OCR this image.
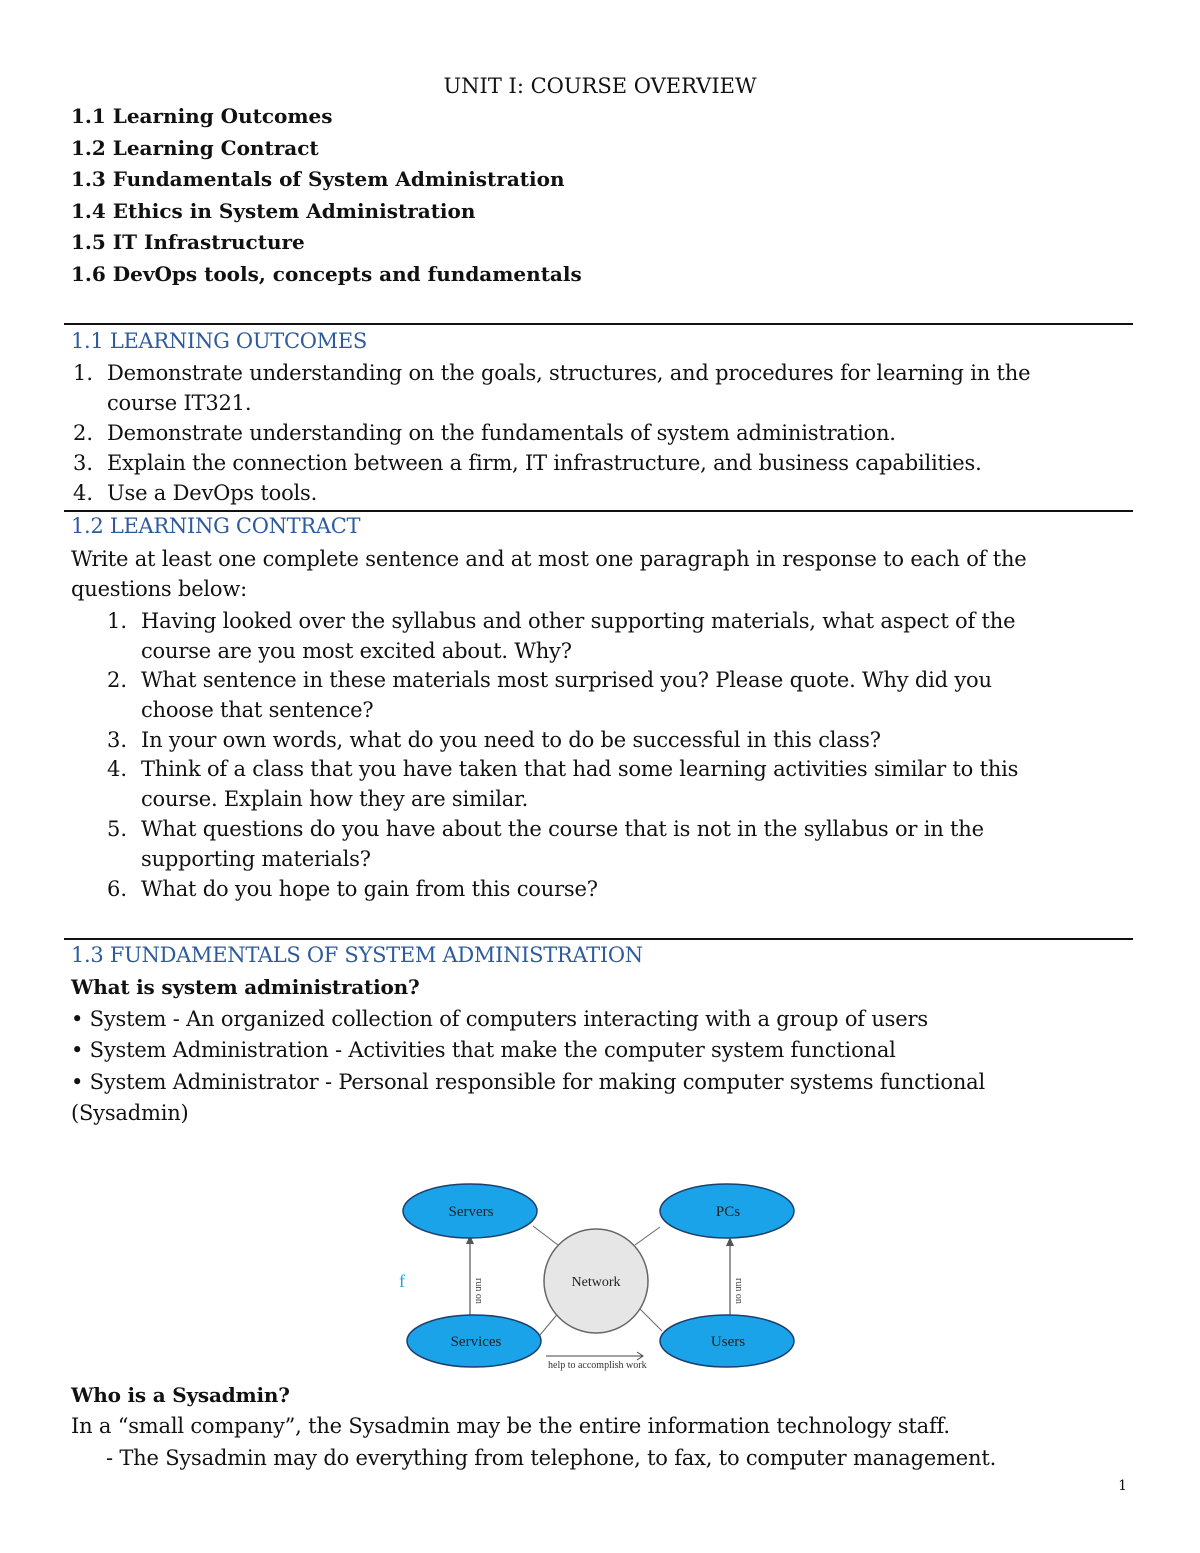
UNIT I: COURSE OVERVIEW
1.1 Learning Outcomes
1.2 Learning Contract
1.3 Fundamentals of System Administration
1.4 Ethics in System Administration
1.5 IT Infrastructure
1.6 DevOps tools, concepts and fundamentals
1.1 LEARNING OUTCOMES
1. Demonstrate understanding on the goals, structures, and procedures for learning in the
course IT321.
2. Demonstrate understanding on the fundamentals of system administration.
3. Explain the connection between a firm, IT infrastructure, and business capabilities.
4. Use a DevOps tools.
1.2 LEARNING CONTRACT
Write at least one complete sentence and at most one paragraph in response to each of the
questions below:
1. Having looked over the syllabus and other supporting materials, what aspect of the
course are you most excited about. Why?
2. What sentence in these materials most surprised you? Please quote. Why did you
choose that sentence?
3. In your own words, what do you need to do be successful in this class?
4. Think of a class that you have taken that had some learning activities similar to this
course. Explain how they are similar.
5. What questions do you have about the course that is not in the syllabus or in the
supporting materials?
6. What do you hope to gain from this course?
1.3 FUNDAMENTALS OF SYSTEM ADMINISTRATION
What is system administration?
• System - An organized collection of computers interacting with a group of users
• System Administration - Activities that make the computer system functional
• System Administrator - Personal responsible for making computer systems functional
(Sysadmin)
run on	run on
f
Servers	PCs
Network
Services	Users
help to accomplish work
Who is a Sysadmin?
In a “small company”, the Sysadmin may be the entire information technology staff.
- The Sysadmin may do everything from telephone, to fax, to computer management.
1
